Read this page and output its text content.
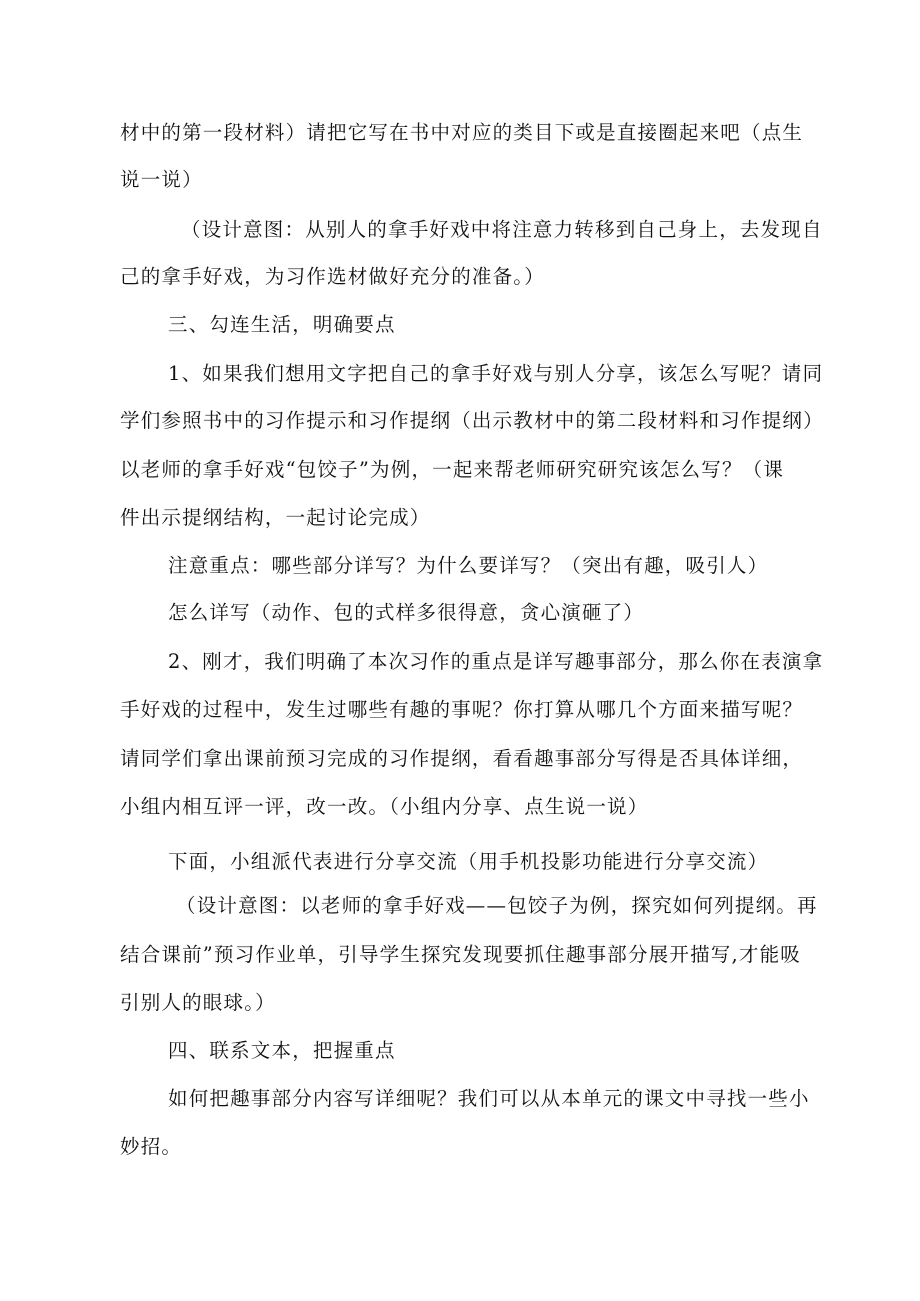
材中的第一段材料）请把它写在书中对应的类目下或是直接圈起来吧（点生
说一说）
（设计意图：从别人的拿手好戏中将注意力转移到自己身上，去发现自
己的拿手好戏，为习作选材做好充分的准备。）
三、勾连生活，明确要点
1、如果我们想用文字把自己的拿手好戏与别人分享，该怎么写呢？请同
学们参照书中的习作提示和习作提纲（出示教材中的第二段材料和习作提纲）
以老师的拿手好戏“包饺子”为例，一起来帮老师研究研究该怎么写？（课
件出示提纲结构，一起讨论完成）
注意重点：哪些部分详写？为什么要详写？（突出有趣，吸引人）
怎么详写（动作、包的式样多很得意，贪心演砸了）
2、刚才，我们明确了本次习作的重点是详写趣事部分，那么你在表演拿
手好戏的过程中，发生过哪些有趣的事呢？你打算从哪几个方面来描写呢？
请同学们拿出课前预习完成的习作提纲，看看趣事部分写得是否具体详细，
小组内相互评一评，改一改。（小组内分享、点生说一说）
下面，小组派代表进行分享交流（用手机投影功能进行分享交流）
（设计意图：以老师的拿手好戏——包饺子为例，探究如何列提纲。再
结合课前”预习作业单，引导学生探究发现要抓住趣事部分展开描写,才能吸
引别人的眼球。）
四、联系文本，把握重点
如何把趣事部分内容写详细呢？我们可以从本单元的课文中寻找一些小
妙招。
